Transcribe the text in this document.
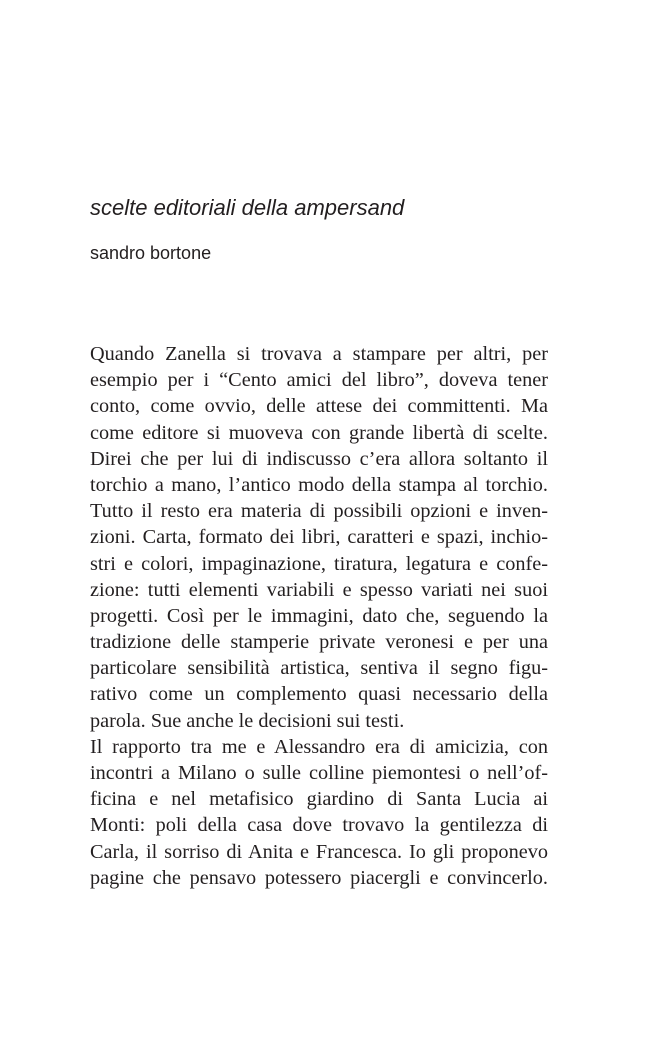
scelte editoriali della ampersand
sandro bortone
Quando Zanella si trovava a stampare per altri, per
esempio per i “Cento amici del libro”, doveva tener
conto, come ovvio, delle attese dei committenti. Ma
come editore si muoveva con grande libertà di scelte.
Direi che per lui di indiscusso c’era allora soltanto il
torchio a mano, l’antico modo della stampa al torchio.
Tutto il resto era materia di possibili opzioni e inven-
zioni. Carta, formato dei libri, caratteri e spazi, inchio-
stri e colori, impaginazione, tiratura, legatura e confe-
zione: tutti elementi variabili e spesso variati nei suoi
progetti. Così per le immagini, dato che, seguendo la
tradizione delle stamperie private veronesi e per una
particolare sensibilità artistica, sentiva il segno figu-
rativo come un complemento quasi necessario della
parola. Sue anche le decisioni sui testi.
Il rapporto tra me e Alessandro era di amicizia, con
incontri a Milano o sulle colline piemontesi o nell’of-
ficina e nel metafisico giardino di Santa Lucia ai
Monti: poli della casa dove trovavo la gentilezza di
Carla, il sorriso di Anita e Francesca. Io gli proponevo
pagine che pensavo potessero piacergli e convincerlo.
